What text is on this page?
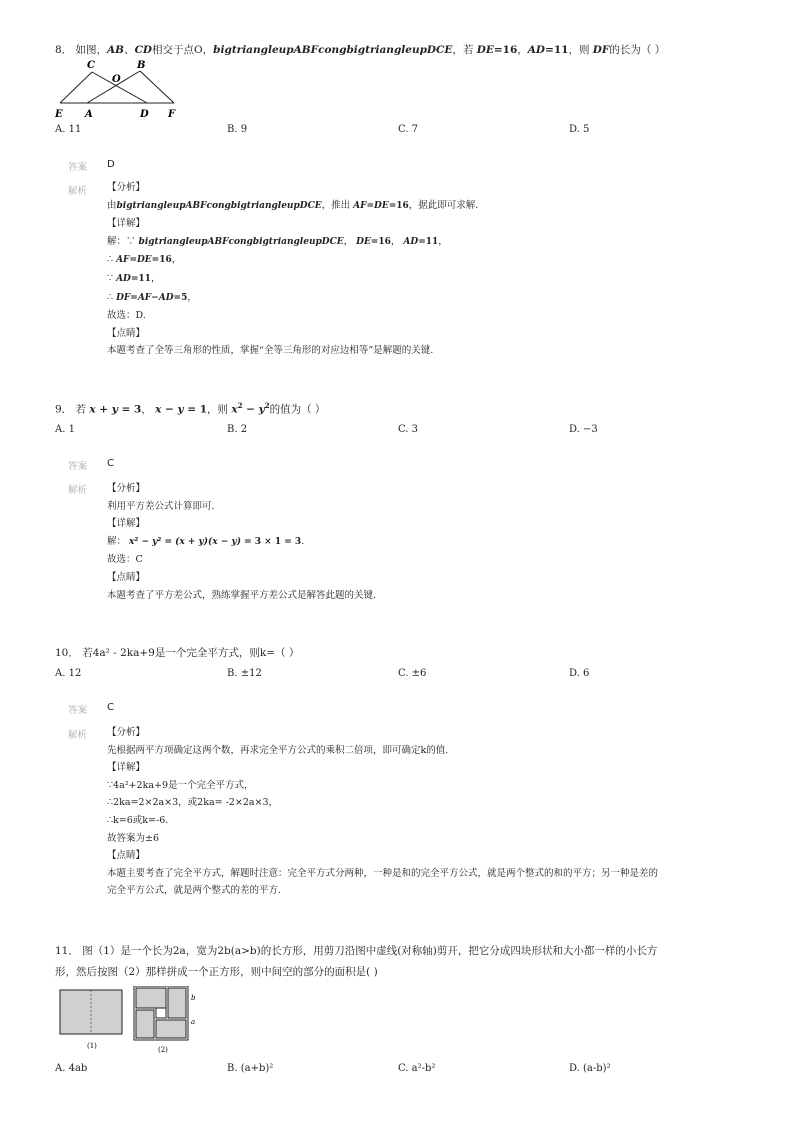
8． 如图，AB、CD相交于点O，bigtriangleupABFcongbigtriangleupDCE，若 DE=16，AD=11，则 DF的长为（ ）
C
O
B
E A	D F
A. 11	B. 9	C. 7	D. 5
答案 D
解析 【分析】
由bigtriangleupABFcongbigtriangleupDCE，推出 AF=DE=16，据此即可求解.
【详解】
解：∵ bigtriangleupABFcongbigtriangleupDCE， DE=16， AD=11，
∴ AF=DE=16，
∵ AD=11，
∴ DF=AF−AD=5，
故选：D.
【点睛】
本题考查了全等三角形的性质，掌握“全等三角形的对应边相等”是解题的关键.
9． 若 x + y = 3， x − y = 1，则 $x^2 - y^2$的值为（ ）
A. 1	B. 2	C. 3	D. −3
答案 C
解析 【分析】
利用平方差公式计算即可.
【详解】
解： x² − y² = (x + y)(x − y) = 3 × 1 = 3.
故选：C
【点睛】
本题考查了平方差公式，熟练掌握平方差公式是解答此题的关键.
10． 若4a² - 2ka+9是一个完全平方式，则k=（ ）
A. 12	B. ±12	C. ±6	D. 6
答案 C
解析 【分析】
先根据两平方项确定这两个数，再求完全平方公式的乘积二倍项，即可确定k的值.
【详解】
∵4a²+2ka+9是一个完全平方式，
∴2ka=2×2a×3，或2ka= -2×2a×3，
∴k=6或k=-6.
故答案为±6
【点睛】
本题主要考查了完全平方式，解题时注意：完全平方式分两种，一种是和的完全平方公式，就是两个整式的和的平方；另一种是差的
完全平方公式，就是两个整式的差的平方.
11． 图（1）是一个长为2a，宽为2b(a>b)的长方形，用剪刀沿图中虚线(对称轴)剪开，把它分成四块形状和大小都一样的小长方
形，然后按图（2）那样拼成一个正方形，则中间空的部分的面积是( )
(1)
b
a
(2)
A. 4ab	B. (a+b)²	C. a²-b²	D. (a-b)²
